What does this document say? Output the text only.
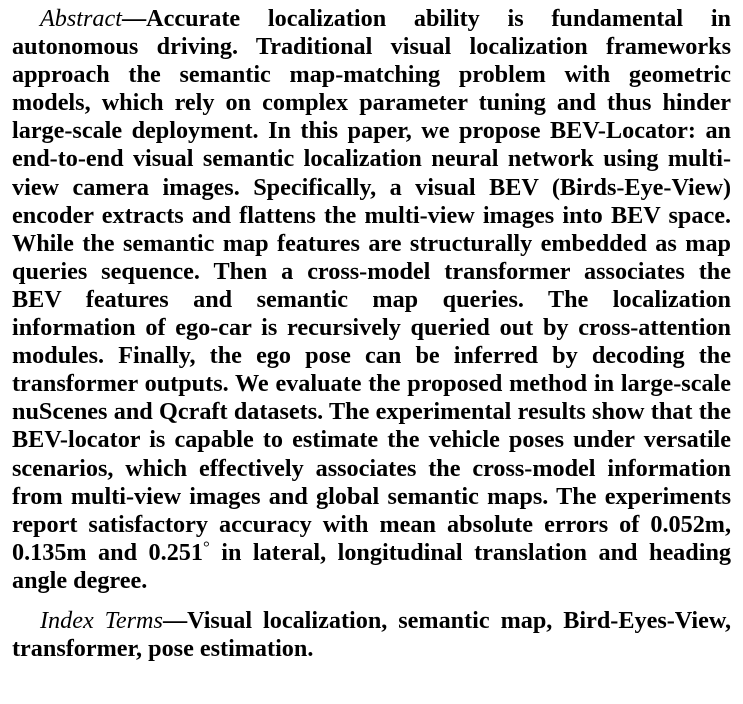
Abstract—Accurate localization ability is fundamental in autonomous driving. Traditional visual localization frameworks approach the semantic map-matching problem with geometric models, which rely on complex parameter tuning and thus hinder large-scale deployment. In this paper, we propose BEV-Locator: an end-to-end visual semantic localization neural network using multi-view camera images. Specifically, a visual BEV (Birds-Eye-View) encoder extracts and flattens the multi-view images into BEV space. While the semantic map features are structurally embedded as map queries sequence. Then a cross-model transformer associates the BEV features and semantic map queries. The localization information of ego-car is recursively queried out by cross-attention modules. Finally, the ego pose can be inferred by decoding the transformer outputs. We evaluate the proposed method in large-scale nuScenes and Qcraft datasets. The experimental results show that the BEV-locator is capable to estimate the vehicle poses under versatile scenarios, which effectively associates the cross-model information from multi-view images and global semantic maps. The experiments report satisfactory accuracy with mean absolute errors of 0.052m, 0.135m and 0.251° in lateral, longitudinal translation and heading angle degree.

Index Terms—Visual localization, semantic map, Bird-Eyes-View, transformer, pose estimation.
